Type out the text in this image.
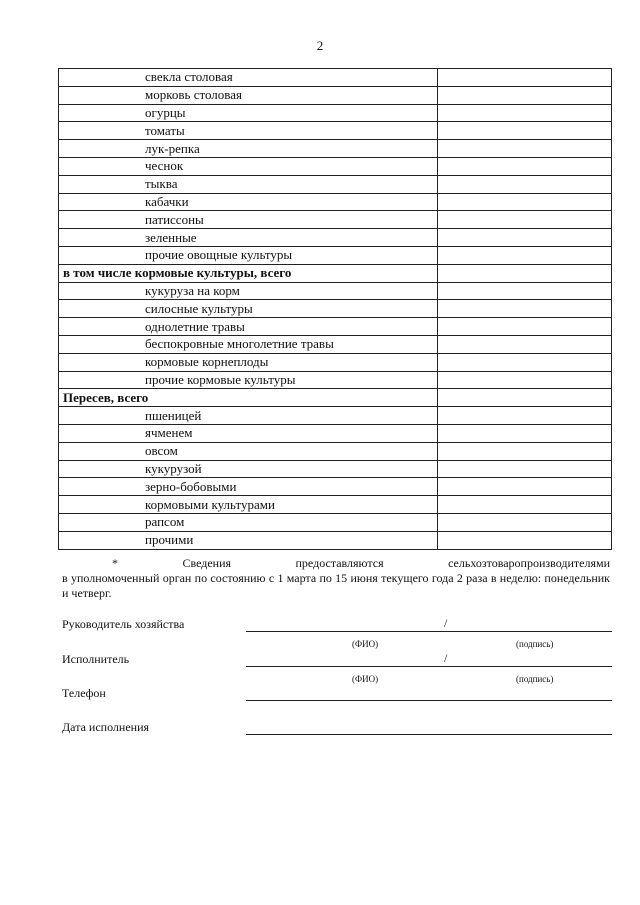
2
свекла столовая	
морковь столовая	
огурцы	
томаты	
лук-репка	
чеснок	
тыква	
кабачки	
патиссоны	
зеленные	
прочие овощные культуры	
в том числе кормовые культуры, всего	
кукуруза на корм	
силосные культуры	
однолетние травы	
беспокровные многолетние травы	
кормовые корнеплоды	
прочие кормовые культуры	
Пересев, всего	
пшеницей	
ячменем	
овсом	
кукурузой	
зерно-бобовыми	
кормовыми культурами	
рапсом	
прочими	
*	Сведения	предоставляются	сельхозтоваропроизводителями
в уполномоченный орган по состоянию с 1 марта по 15 июня текущего года 2 раза в неделю: понедельник и четверг.
Руководитель хозяйства	/
(ФИО)	(подпись)
Исполнитель	/
(ФИО)	(подпись)
Телефон
Дата исполнения
